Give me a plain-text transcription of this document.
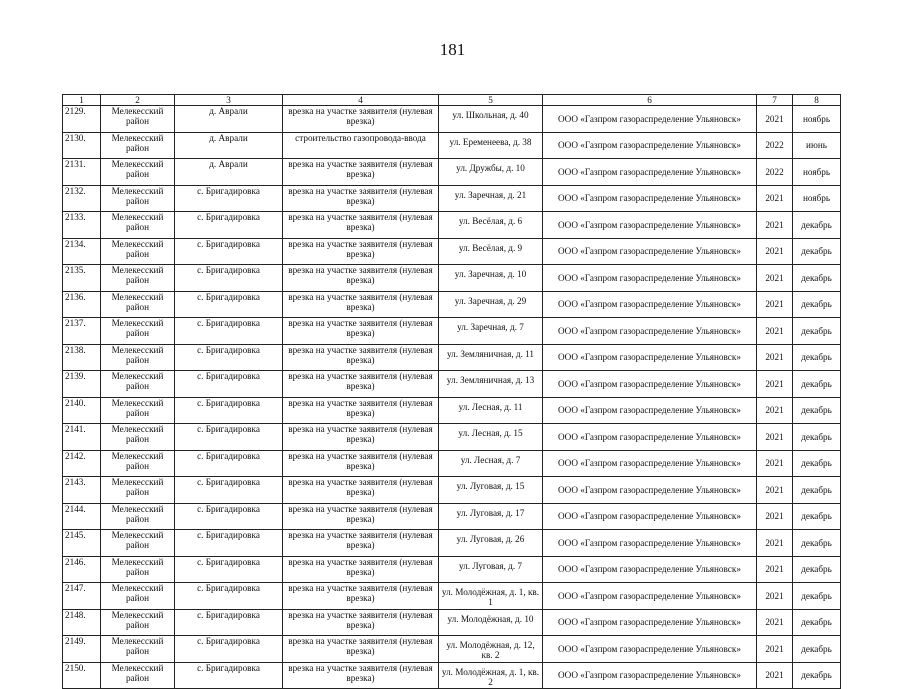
181
1	2	3	4	5	6	7	8
2129.	Мелекесский район	д. Аврали	врезка на участке заявителя (нулевая врезка)	ул. Школьная, д. 40	ООО «Газпром газораспределение Ульяновск»	2021	ноябрь
2130.	Мелекесский район	д. Аврали	строительство газопровода-ввода	ул. Еременеева, д. 38	ООО «Газпром газораспределение Ульяновск»	2022	июнь
2131.	Мелекесский район	д. Аврали	врезка на участке заявителя (нулевая врезка)	ул. Дружбы, д. 10	ООО «Газпром газораспределение Ульяновск»	2022	ноябрь
2132.	Мелекесский район	с. Бригадировка	врезка на участке заявителя (нулевая врезка)	ул. Заречная, д. 21	ООО «Газпром газораспределение Ульяновск»	2021	ноябрь
2133.	Мелекесский район	с. Бригадировка	врезка на участке заявителя (нулевая врезка)	ул. Весёлая, д. 6	ООО «Газпром газораспределение Ульяновск»	2021	декабрь
2134.	Мелекесский район	с. Бригадировка	врезка на участке заявителя (нулевая врезка)	ул. Весёлая, д. 9	ООО «Газпром газораспределение Ульяновск»	2021	декабрь
2135.	Мелекесский район	с. Бригадировка	врезка на участке заявителя (нулевая врезка)	ул. Заречная, д. 10	ООО «Газпром газораспределение Ульяновск»	2021	декабрь
2136.	Мелекесский район	с. Бригадировка	врезка на участке заявителя (нулевая врезка)	ул. Заречная, д. 29	ООО «Газпром газораспределение Ульяновск»	2021	декабрь
2137.	Мелекесский район	с. Бригадировка	врезка на участке заявителя (нулевая врезка)	ул. Заречная, д. 7	ООО «Газпром газораспределение Ульяновск»	2021	декабрь
2138.	Мелекесский район	с. Бригадировка	врезка на участке заявителя (нулевая врезка)	ул. Земляничная, д. 11	ООО «Газпром газораспределение Ульяновск»	2021	декабрь
2139.	Мелекесский район	с. Бригадировка	врезка на участке заявителя (нулевая врезка)	ул. Земляничная, д. 13	ООО «Газпром газораспределение Ульяновск»	2021	декабрь
2140.	Мелекесский район	с. Бригадировка	врезка на участке заявителя (нулевая врезка)	ул. Лесная, д. 11	ООО «Газпром газораспределение Ульяновск»	2021	декабрь
2141.	Мелекесский район	с. Бригадировка	врезка на участке заявителя (нулевая врезка)	ул. Лесная, д. 15	ООО «Газпром газораспределение Ульяновск»	2021	декабрь
2142.	Мелекесский район	с. Бригадировка	врезка на участке заявителя (нулевая врезка)	ул. Лесная, д. 7	ООО «Газпром газораспределение Ульяновск»	2021	декабрь
2143.	Мелекесский район	с. Бригадировка	врезка на участке заявителя (нулевая врезка)	ул. Луговая, д. 15	ООО «Газпром газораспределение Ульяновск»	2021	декабрь
2144.	Мелекесский район	с. Бригадировка	врезка на участке заявителя (нулевая врезка)	ул. Луговая, д. 17	ООО «Газпром газораспределение Ульяновск»	2021	декабрь
2145.	Мелекесский район	с. Бригадировка	врезка на участке заявителя (нулевая врезка)	ул. Луговая, д. 26	ООО «Газпром газораспределение Ульяновск»	2021	декабрь
2146.	Мелекесский район	с. Бригадировка	врезка на участке заявителя (нулевая врезка)	ул. Луговая, д. 7	ООО «Газпром газораспределение Ульяновск»	2021	декабрь
2147.	Мелекесский район	с. Бригадировка	врезка на участке заявителя (нулевая врезка)	ул. Молодёжная, д. 1, кв. 1	ООО «Газпром газораспределение Ульяновск»	2021	декабрь
2148.	Мелекесский район	с. Бригадировка	врезка на участке заявителя (нулевая врезка)	ул. Молодёжная, д. 10	ООО «Газпром газораспределение Ульяновск»	2021	декабрь
2149.	Мелекесский район	с. Бригадировка	врезка на участке заявителя (нулевая врезка)	ул. Молодёжная, д. 12, кв. 2	ООО «Газпром газораспределение Ульяновск»	2021	декабрь
2150.	Мелекесский район	с. Бригадировка	врезка на участке заявителя (нулевая врезка)	ул. Молодёжная, д. 1, кв. 2	ООО «Газпром газораспределение Ульяновск»	2021	декабрь
